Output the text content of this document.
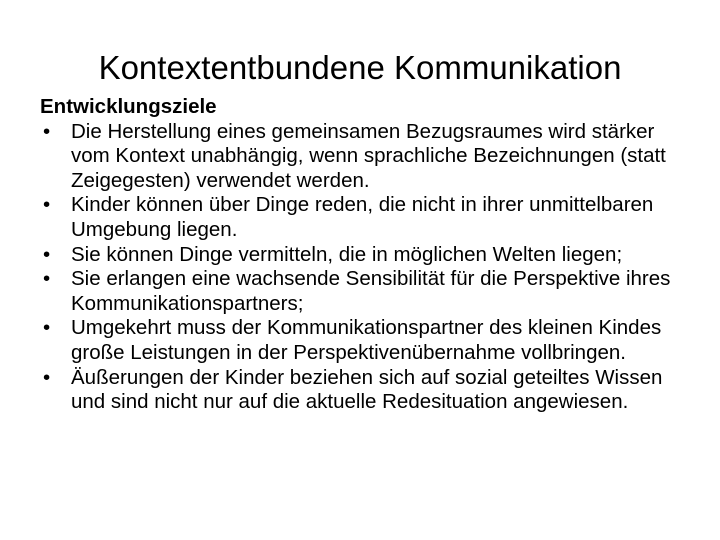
Kontextentbundene Kommunikation

Entwicklungsziele

• Die Herstellung eines gemeinsamen Bezugsraumes wird stärker vom Kontext unabhängig, wenn sprachliche Bezeichnungen (statt Zeigegesten) verwendet werden.
• Kinder können über Dinge reden, die nicht in ihrer unmittelbaren Umgebung liegen.
• Sie können Dinge vermitteln, die in möglichen Welten liegen;
• Sie erlangen eine wachsende Sensibilität für die Perspektive ihres Kommunikationspartners;
• Umgekehrt muss der Kommunikationspartner des kleinen Kindes große Leistungen in der Perspektivenübernahme vollbringen.
• Äußerungen der Kinder beziehen sich auf sozial geteiltes Wissen und sind nicht nur auf die aktuelle Redesituation angewiesen.
